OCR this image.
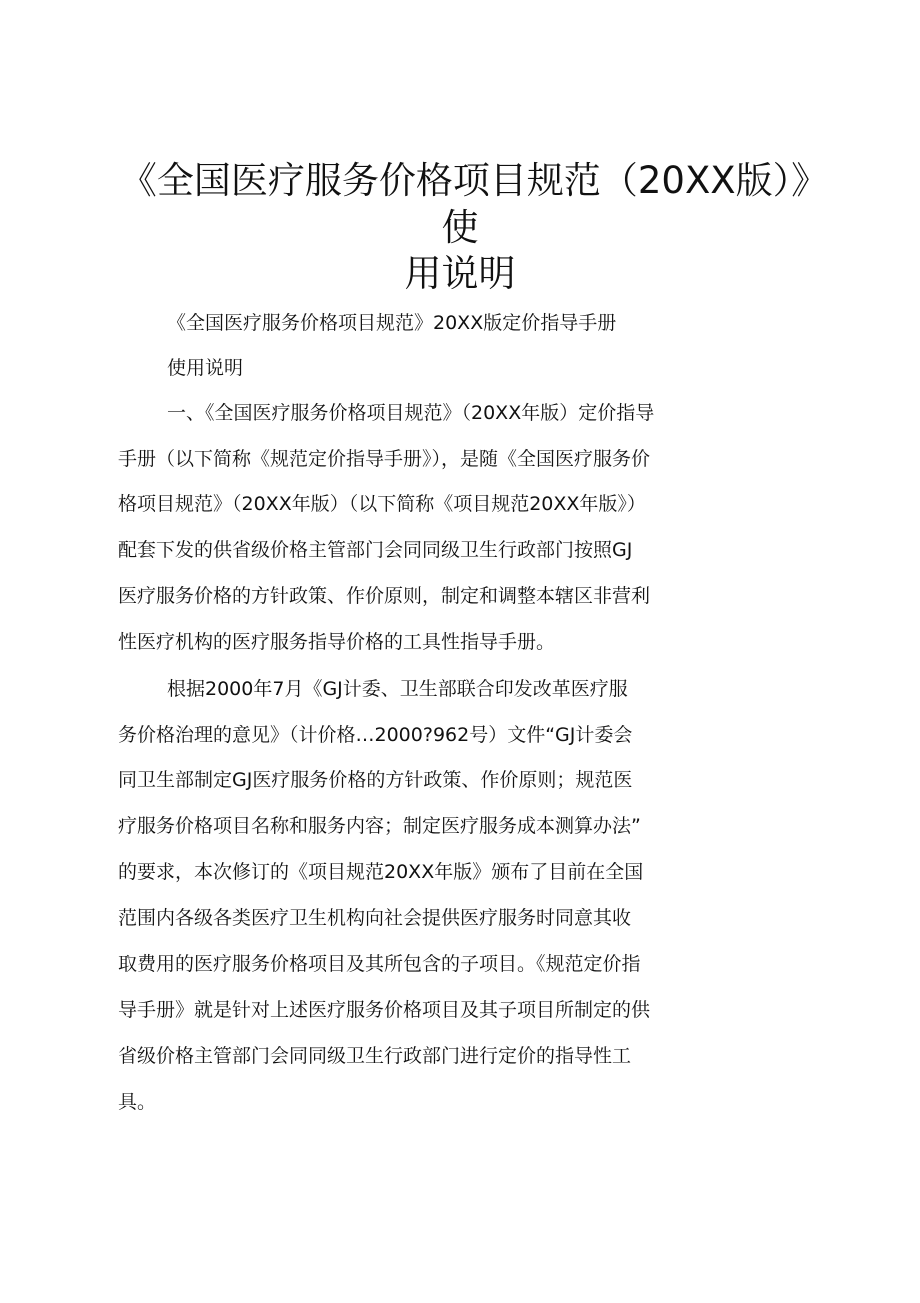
《全国医疗服务价格项目规范（20XX版）》
使
用说明
《全国医疗服务价格项目规范》20XX版定价指导手册
使用说明
一、《全国医疗服务价格项目规范》（20XX年版）定价指导
手册（以下简称《规范定价指导手册》），是随《全国医疗服务价
格项目规范》（20XX年版）（以下简称《项目规范20XX年版》）
配套下发的供省级价格主管部门会同同级卫生行政部门按照GJ
医疗服务价格的方针政策、作价原则，制定和调整本辖区非营利
性医疗机构的医疗服务指导价格的工具性指导手册。
根据2000年7月《GJ计委、卫生部联合印发改革医疗服
务价格治理的意见》（计价格…2000?962号）文件“GJ计委会
同卫生部制定GJ医疗服务价格的方针政策、作价原则；规范医
疗服务价格项目名称和服务内容；制定医疗服务成本测算办法”
的要求，本次修订的《项目规范20XX年版》颁布了目前在全国
范围内各级各类医疗卫生机构向社会提供医疗服务时同意其收
取费用的医疗服务价格项目及其所包含的子项目。《规范定价指
导手册》就是针对上述医疗服务价格项目及其子项目所制定的供
省级价格主管部门会同同级卫生行政部门进行定价的指导性工
具。
